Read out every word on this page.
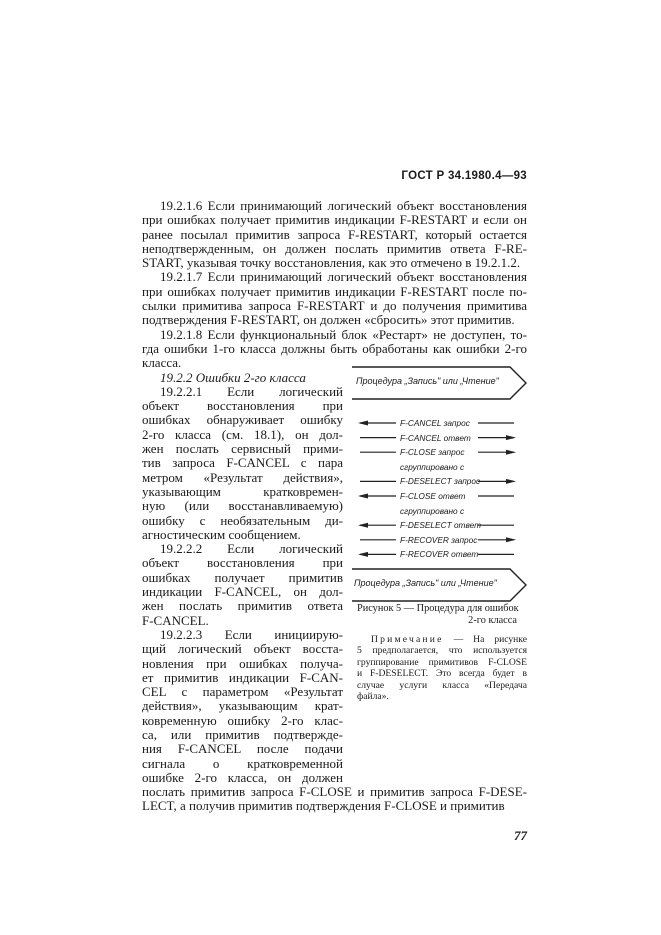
ГОСТ Р 34.1980.4—93
19.2.1.6 Если принимающий логический объект восстановления
при ошибках получает примитив индикации F-RESTART и если он
ранее посылал примитив запроса F-RESTART, который остается
неподтвержденным, он должен послать примитив ответа F-RE-
START, указывая точку восстановления, как это отмечено в 19.2.1.2.
19.2.1.7 Если принимающий логический объект восстановления
при ошибках получает примитив индикации F-RESTART после по-
сылки примитива запроса F-RESTART и до получения примитива
подтверждения F-RESTART, он должен «сбросить» этот примитив.
19.2.1.8 Если функциональный блок «Рестарт» не доступен, то-
гда ошибки 1-го класса должны быть обработаны как ошибки 2-го
класса.
19.2.2 Ошибки 2-го класса
19.2.2.1 Если логический
объект восстановления при
ошибках обнаруживает ошибку
2-го класса (см. 18.1), он дол-
жен послать сервисный прими-
тив запроса F-CANCEL с пара
метром «Результат действия»,
указывающим кратковремен-
ную (или восстанавливаемую)
ошибку с необязательным ди-
агностическим сообщением.
19.2.2.2 Если логический
объект восстановления при
ошибках получает примитив
индикации F-CANCEL, он дол-
жен послать примитив ответа
F-CANCEL.
19.2.2.3 Если инициирую-
щий логический объект восста-
новления при ошибках получа-
ет примитив индикации F-CAN-
CEL с параметром «Результат
действия», указывающим крат-
ковременную ошибку 2-го клас-
са, или примитив подтвержде-
ния F-CANCEL после подачи
сигнала о кратковременной
ошибке 2-го класса, он должен
послать примитив запроса F-CLOSE и примитив запроса F-DESE-
LECT, а получив примитив подтверждения F-CLOSE и примитив
77
Процедура „Запись" или „Чтение"
Процедура „Запись" или „Чтение"
F-CANCEL запрос
F-CANCEL ответ
F-CLOSE запрос
сгруппировано с
F-DESELECT запрос
F-CLOSE ответ
сгруппировано с
F-DESELECT ответ
F-RECOVER запрос
F-RECOVER ответ
Рисунок 5 — Процедура для ошибок
2-го класса
Примечание — На рисунке
5 предполагается, что используется
группирование примитивов F-CLOSE
и F-DESELECT. Это всегда будет в
случае услуги класса «Передача
файла».
